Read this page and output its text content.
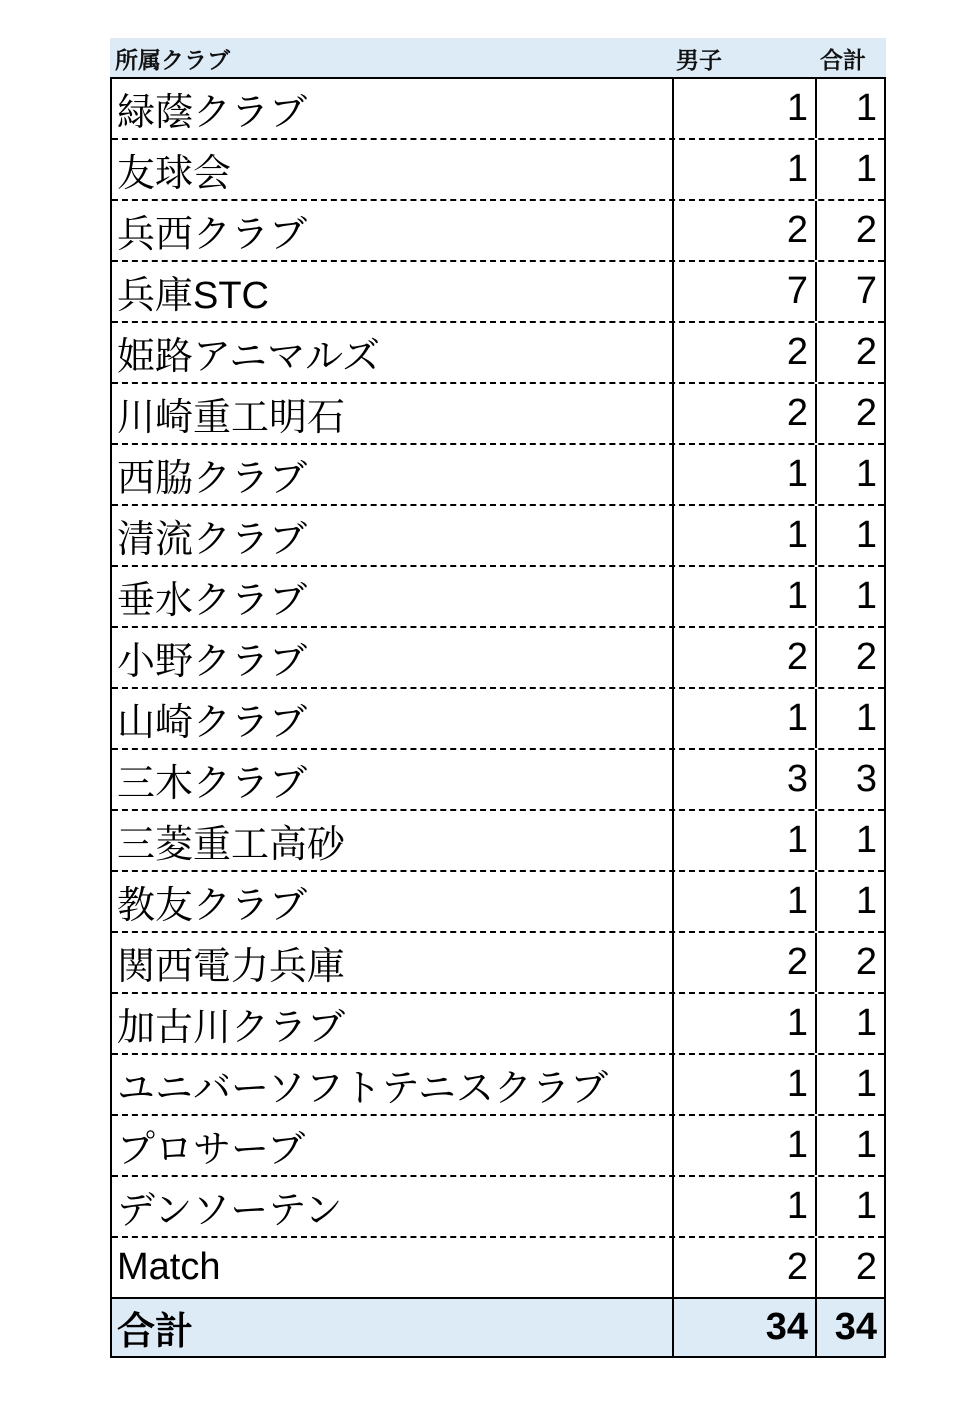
所属クラブ	男子	合計
緑蔭クラブ	1	1
友球会	1	1
兵西クラブ	2	2
兵庫STC	7	7
姫路アニマルズ	2	2
川崎重工明石	2	2
西脇クラブ	1	1
清流クラブ	1	1
垂水クラブ	1	1
小野クラブ	2	2
山崎クラブ	1	1
三木クラブ	3	3
三菱重工高砂	1	1
教友クラブ	1	1
関西電力兵庫	2	2
加古川クラブ	1	1
ユニバーソフトテニスクラブ	1	1
プロサーブ	1	1
デンソーテン	1	1
Match	2	2
合計	34 34
